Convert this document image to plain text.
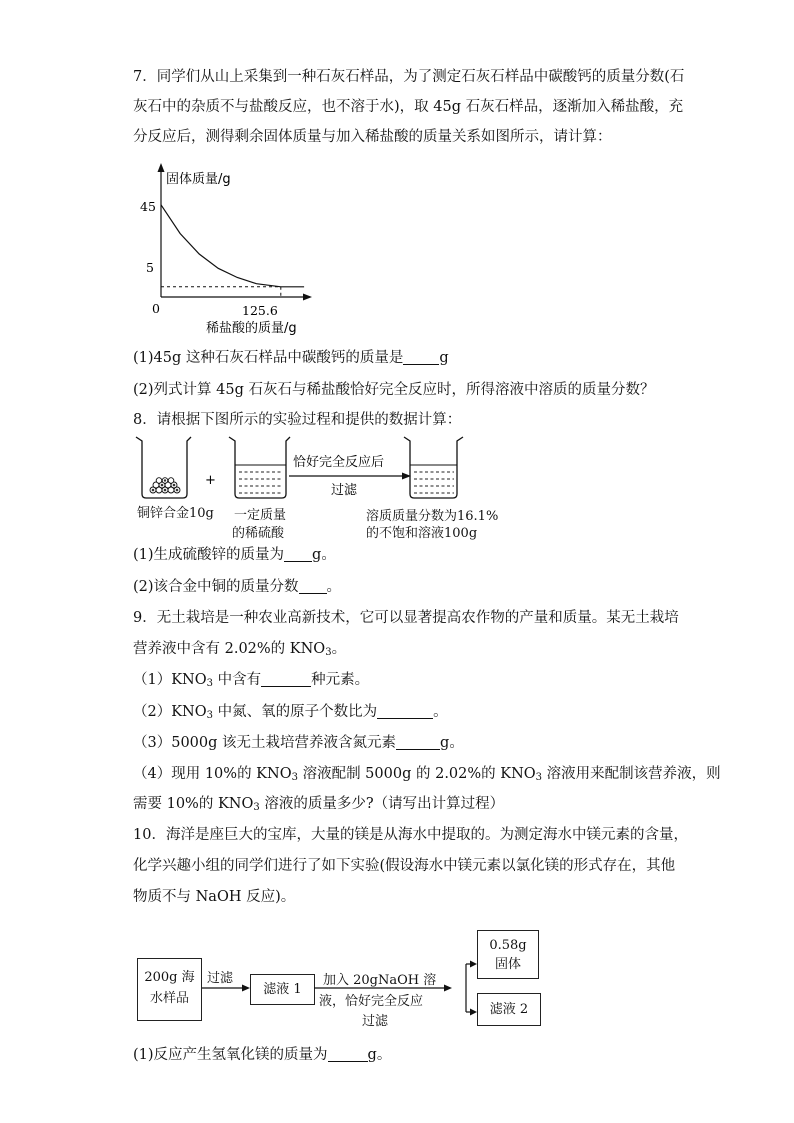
7．同学们从山上采集到一种石灰石样品，为了测定石灰石样品中碳酸钙的质量分数(石
灰石中的杂质不与盐酸反应，也不溶于水)，取 45g 石灰石样品，逐渐加入稀盐酸，充
分反应后，测得剩余固体质量与加入稀盐酸的质量关系如图所示，请计算：
固体质量/g
45
5
0	125.6
稀盐酸的质量/g
(1)45g 这种石灰石样品中碳酸钙的质量是 g
(2)列式计算 45g 石灰石与稀盐酸恰好完全反应时，所得溶液中溶质的质量分数？
8．请根据下图所示的实验过程和提供的数据计算：
+
恰好完全反应后
过滤
铜锌合金10g 一定质量
的稀硫酸
溶质质量分数为16.1%
的不饱和溶液100g
(1)生成硫酸锌的质量为 g。
(2)该合金中铜的质量分数 。
9．无土栽培是一种农业高新技术，它可以显著提高农作物的产量和质量。某无土栽培
营养液中含有 2.02%的 $KNO_3$。
$(1)KNO_3$ 中含有	种元素。
$(2)KNO_3$ 中氮、氧的原子个数比为	。
（3）5000g 该无土栽培营养液含氮元素	g。
（4）现用 10%的 $KNO_3$ 溶液配制 5000g 的 2.02%的 $KNO_3$ 溶液用来配制该营养液，则
需要 10%的 $KNO_3$ 溶液的质量多少?（请写出计算过程）
10．海洋是座巨大的宝库，大量的镁是从海水中提取的。为测定海水中镁元素的含量，
化学兴趣小组的同学们进行了如下实验(假设海水中镁元素以氯化镁的形式存在，其他
物质不与 NaOH 反应)。
200g 海
水样品
滤液 1
0.58g
固体
滤液 2
过滤	加入 20gNaOH 溶
液，恰好完全反应
过滤
(1)反应产生氢氧化镁的质量为	g。
